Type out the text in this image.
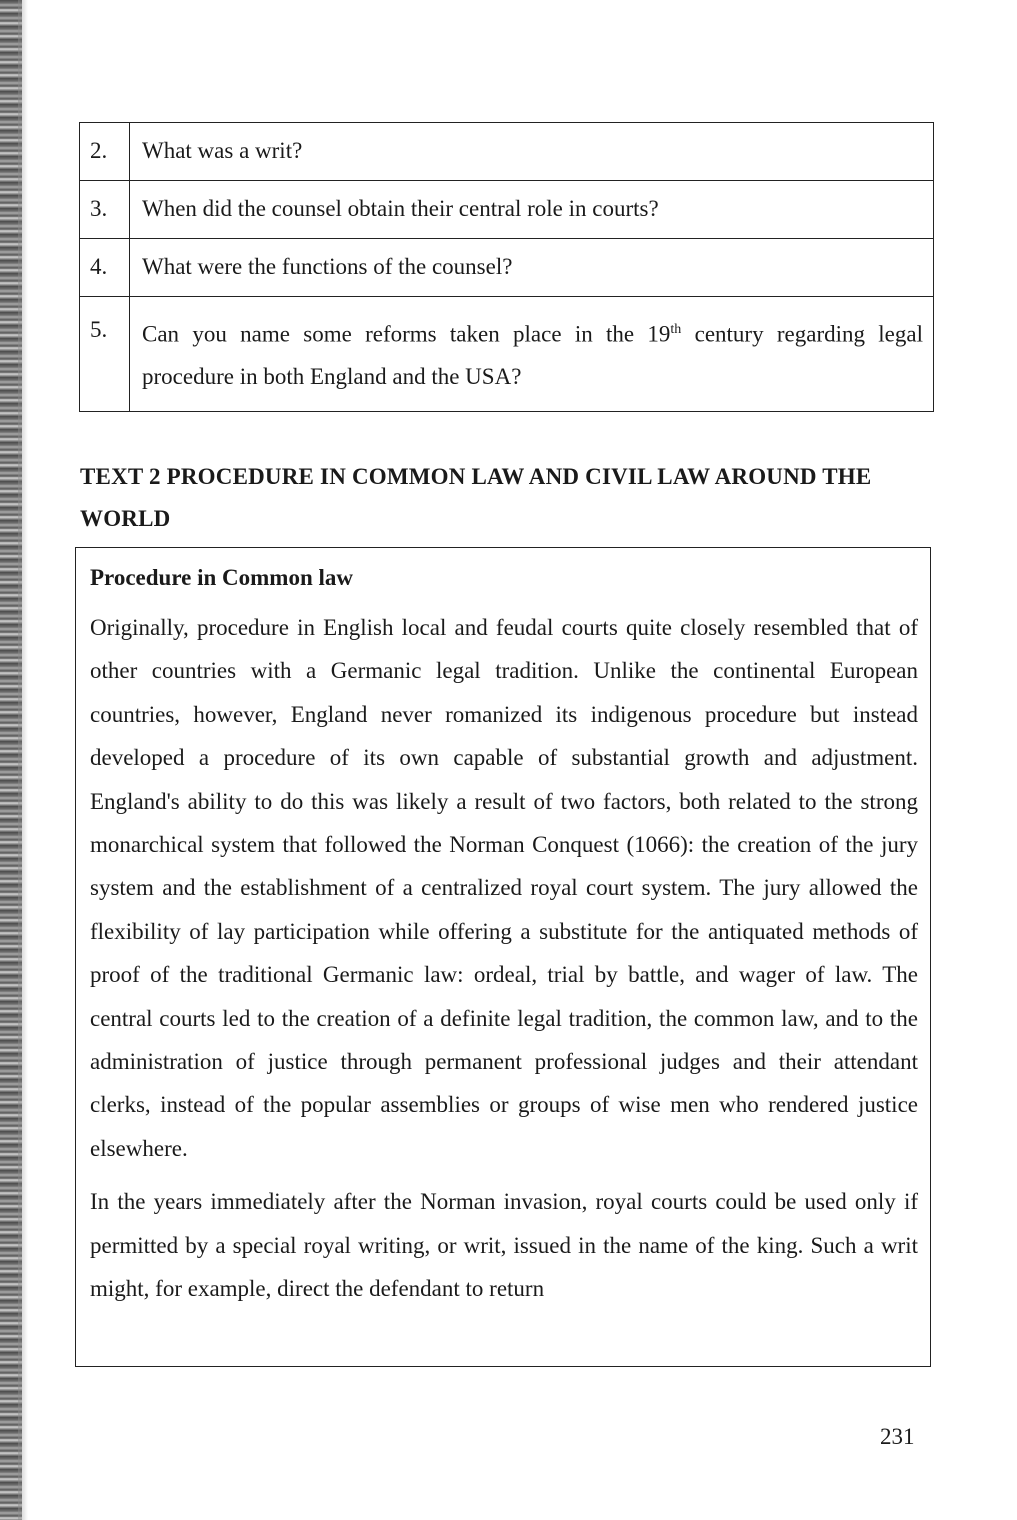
2.	What was a writ?
3.	When did the counsel obtain their central role in courts?
4.	What were the functions of the counsel?
5.	Can you name some reforms taken place in the 19th century regarding legal procedure in both England and the USA?
TEXT 2 PROCEDURE IN COMMON LAW AND CIVIL LAW AROUND THE WORLD
Procedure in Common law

Originally, procedure in English local and feudal courts quite closely resembled that of other countries with a Germanic legal tradition. Unlike the continental European countries, however, England never romanized its indigenous procedure but instead developed a procedure of its own capable of substantial growth and adjustment. England's ability to do this was likely a result of two factors, both related to the strong monarchical system that followed the Norman Conquest (1066): the creation of the jury system and the establishment of a centralized royal court system. The jury allowed the flexibility of lay participation while offering a substitute for the antiquated methods of proof of the traditional Germanic law: ordeal, trial by battle, and wager of law. The central courts led to the creation of a definite legal tradition, the common law, and to the administration of justice through permanent professional judges and their attendant clerks, instead of the popular assemblies or groups of wise men who rendered justice elsewhere.

In the years immediately after the Norman invasion, royal courts could be used only if permitted by a special royal writing, or writ, issued in the name of the king. Such a writ might, for example, direct the defendant to return

231
